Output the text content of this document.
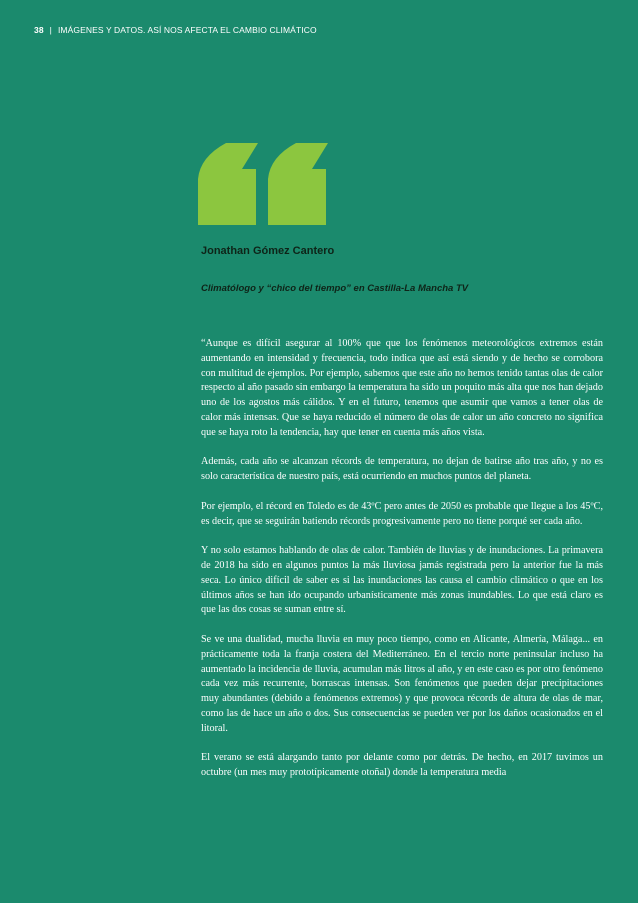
38 | IMÁGENES Y DATOS. ASÍ NOS AFECTA EL CAMBIO CLIMÁTICO
Jonathan Gómez Cantero
Climatólogo y “chico del tiempo” en Castilla-La Mancha TV

“Aunque es difícil asegurar al 100% que que los fenómenos meteorológicos extremos están aumentando en intensidad y frecuencia, todo indica que así está siendo y de hecho se corrobora con multitud de ejemplos. Por ejemplo, sabemos que este año no hemos tenido tantas olas de calor respecto al año pasado sin embargo la temperatura ha sido un poquito más alta que nos han dejado uno de los agostos más cálidos. Y en el futuro, tenemos que asumir que vamos a tener olas de calor más intensas. Que se haya reducido el número de olas de calor un año concreto no significa que se haya roto la tendencia, hay que tener en cuenta más años vista.

Además, cada año se alcanzan récords de temperatura, no dejan de batirse año tras año, y no es solo característica de nuestro país, está ocurriendo en muchos puntos del planeta.

Por ejemplo, el récord en Toledo es de 43ºC pero antes de 2050 es probable que llegue a los 45ºC, es decir, que se seguirán batiendo récords progresivamente pero no tiene porqué ser cada año.

Y no solo estamos hablando de olas de calor. También de lluvias y de inundaciones. La primavera de 2018 ha sido en algunos puntos la más lluviosa jamás registrada pero la anterior fue la más seca. Lo único difícil de saber es si las inundaciones las causa el cambio climático o que en los últimos años se han ido ocupando urbanísticamente más zonas inundables. Lo que está claro es que las dos cosas se suman entre sí.

Se ve una dualidad, mucha lluvia en muy poco tiempo, como en Alicante, Almería, Málaga... en prácticamente toda la franja costera del Mediterráneo. En el tercio norte peninsular incluso ha aumentado la incidencia de lluvia, acumulan más litros al año, y en este caso es por otro fenómeno cada vez más recurrente, borrascas intensas. Son fenómenos que pueden dejar precipitaciones muy abundantes (debido a fenómenos extremos) y que provoca récords de altura de olas de mar, como las de hace un año o dos. Sus consecuencias se pueden ver por los daños ocasionados en el litoral.

El verano se está alargando tanto por delante como por detrás. De hecho, en 2017 tuvimos un octubre (un mes muy prototípicamente otoñal) donde la temperatura media
